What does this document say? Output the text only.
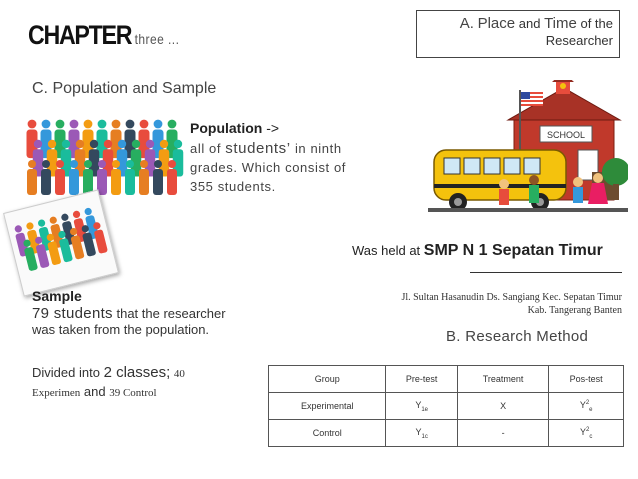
CHAPTER three ...
A. Place and Time of the
Researcher
C. Population and Sample
Population ->
all of students’ in ninth grades. Which consist of 355 students.
SCHOOL
Was held at SMP N 1 Sepatan Timur
Jl. Sultan Hasanudin Ds. Sangiang Kec. Sepatan Timur
Kab. Tangerang Banten
B. Research Method
Sample
79 students that the researcher was taken from the population.
Divided into 2 classes; 40
Experimen and 39 Control
Group	Pre-test	Treatment	Pos-test
Experimental	$Y_{1e}$	X	$Y^2_e$
Control	$Y_{1c}$	-	$Y^2_c$
